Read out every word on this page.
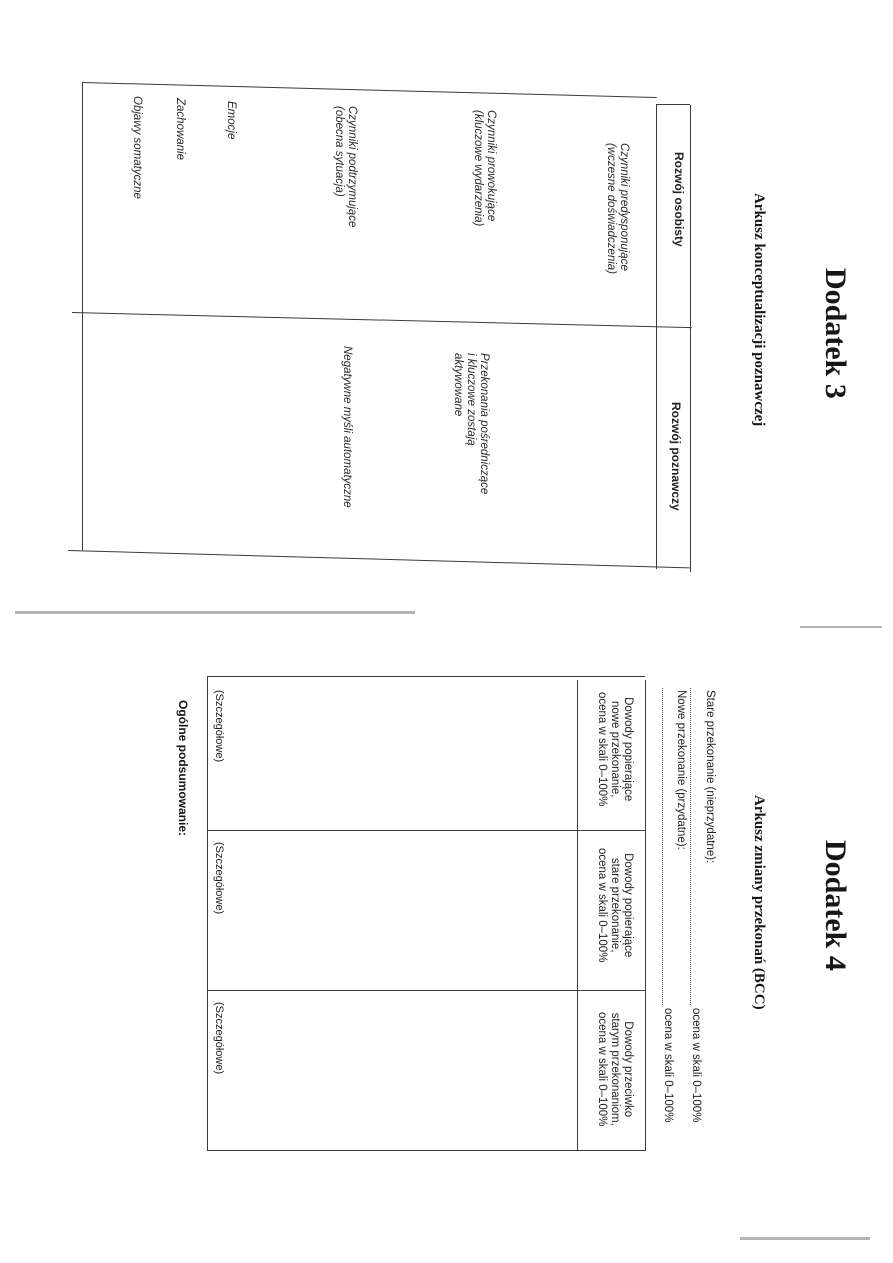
Dodatek 3
Arkusz konceptualizacji poznawczej
Rozwój osobisty
Rozwój poznawczy
Czynniki predysponujące
(wczesne doświadczenia)
Czynniki prowokujące
(kluczowe wydarzenia)
Czynniki podtrzymujące
(obecna sytuacja)
Emocje
Zachowanie
Objawy somatyczne
Przekonania pośredniczące
i kluczowe zostają
aktywowane
Negatywne myśli automatyczne
Dodatek 4
Arkusz zmiany przekonań (BCC)
Stare przekonanie (nieprzydatne):
ocena w skali 0–100%
Nowe przekonanie (przydatne):
ocena w skali 0–100%
Dowody popierające
nowe przekonanie,
ocena w skali 0–100%
Dowody popierające
stare przekonanie,
ocena w skali 0–100%
Dowody przeciwko
starym przekonaniom,
ocena w skali 0–100%
(Szczegółowe)
(Szczegółowe)
(Szczegółowe)
Ogólne podsumowanie:
